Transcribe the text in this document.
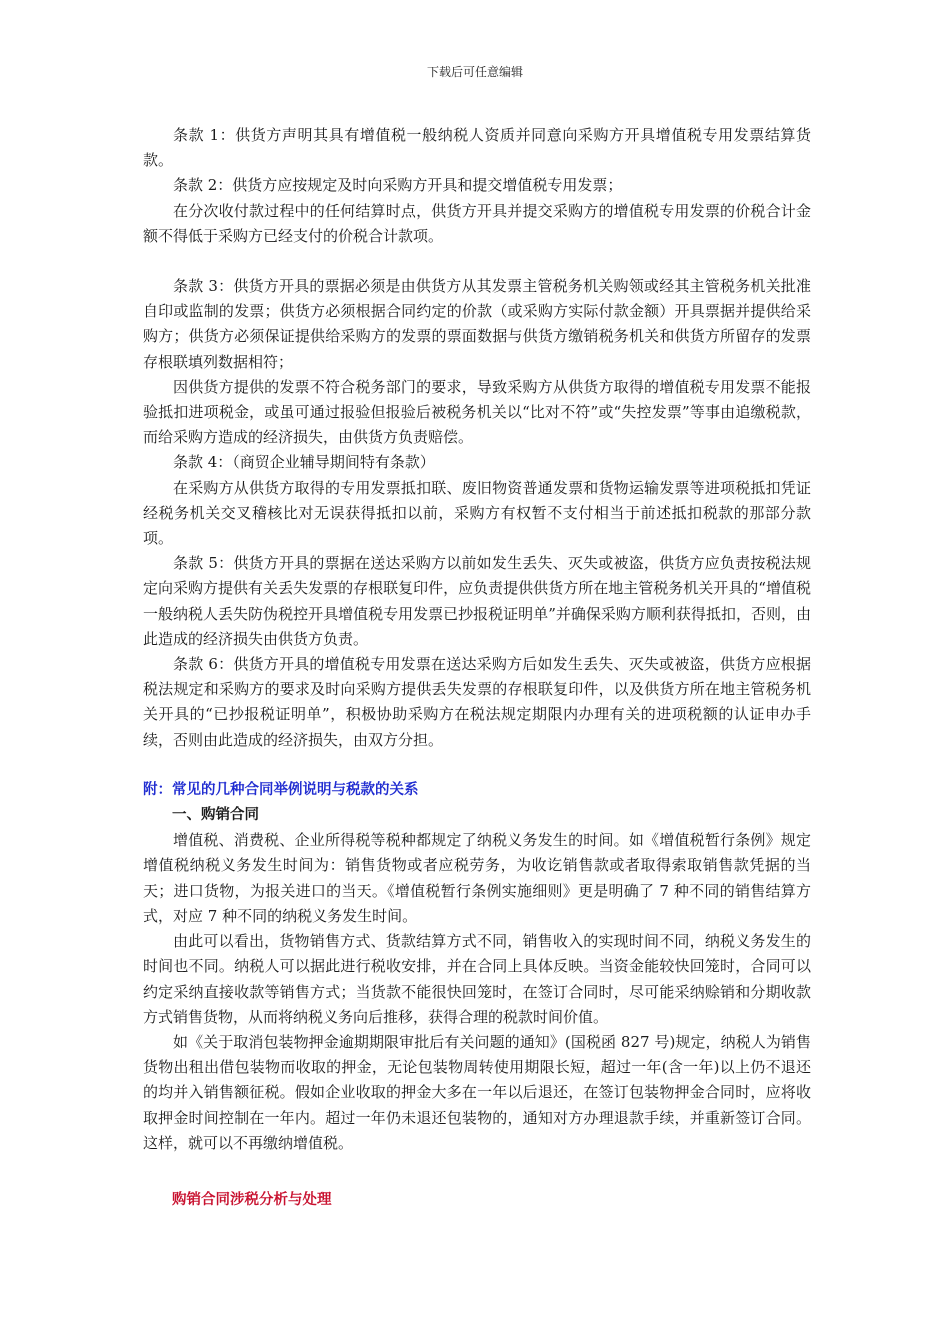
下载后可任意编辑

条款 1：供货方声明其具有增值税一般纳税人资质并同意向采购方开具增值税专用发票结算货款。

条款 2：供货方应按规定及时向采购方开具和提交增值税专用发票；

在分次收付款过程中的任何结算时点，供货方开具并提交采购方的增值税专用发票的价税合计金额不得低于采购方已经支付的价税合计款项。

条款 3：供货方开具的票据必须是由供货方从其发票主管税务机关购领或经其主管税务机关批准自印或监制的发票；供货方必须根据合同约定的价款（或采购方实际付款金额）开具票据并提供给采购方；供货方必须保证提供给采购方的发票的票面数据与供货方缴销税务机关和供货方所留存的发票存根联填列数据相符；

因供货方提供的发票不符合税务部门的要求，导致采购方从供货方取得的增值税专用发票不能报验抵扣进项税金，或虽可通过报验但报验后被税务机关以“比对不符”或“失控发票”等事由追缴税款，而给采购方造成的经济损失，由供货方负责赔偿。

条款 4：（商贸企业辅导期间特有条款）

在采购方从供货方取得的专用发票抵扣联、废旧物资普通发票和货物运输发票等进项税抵扣凭证经税务机关交叉稽核比对无误获得抵扣以前，采购方有权暂不支付相当于前述抵扣税款的那部分款项。

条款 5：供货方开具的票据在送达采购方以前如发生丢失、灭失或被盗，供货方应负责按税法规定向采购方提供有关丢失发票的存根联复印件，应负责提供供货方所在地主管税务机关开具的“增值税一般纳税人丢失防伪税控开具增值税专用发票已抄报税证明单”并确保采购方顺利获得抵扣，否则，由此造成的经济损失由供货方负责。

条款 6：供货方开具的增值税专用发票在送达采购方后如发生丢失、灭失或被盗，供货方应根据税法规定和采购方的要求及时向采购方提供丢失发票的存根联复印件，以及供货方所在地主管税务机关开具的“已抄报税证明单”，积极协助采购方在税法规定期限内办理有关的进项税额的认证申办手续，否则由此造成的经济损失，由双方分担。

附：常见的几种合同举例说明与税款的关系

一、购销合同

增值税、消费税、企业所得税等税种都规定了纳税义务发生的时间。如《增值税暂行条例》规定增值税纳税义务发生时间为：销售货物或者应税劳务，为收讫销售款或者取得索取销售款凭据的当天；进口货物，为报关进口的当天。《增值税暂行条例实施细则》更是明确了 7 种不同的销售结算方式，对应 7 种不同的纳税义务发生时间。

由此可以看出，货物销售方式、货款结算方式不同，销售收入的实现时间不同，纳税义务发生的时间也不同。纳税人可以据此进行税收安排，并在合同上具体反映。当资金能较快回笼时，合同可以约定采纳直接收款等销售方式；当货款不能很快回笼时，在签订合同时，尽可能采纳赊销和分期收款方式销售货物，从而将纳税义务向后推移，获得合理的税款时间价值。

如《关于取消包装物押金逾期期限审批后有关问题的通知》(国税函 827 号)规定，纳税人为销售货物出租出借包装物而收取的押金，无论包装物周转使用期限长短，超过一年(含一年)以上仍不退还的均并入销售额征税。假如企业收取的押金大多在一年以后退还，在签订包装物押金合同时，应将收取押金时间控制在一年内。超过一年仍未退还包装物的，通知对方办理退款手续，并重新签订合同。这样，就可以不再缴纳增值税。

购销合同涉税分析与处理
